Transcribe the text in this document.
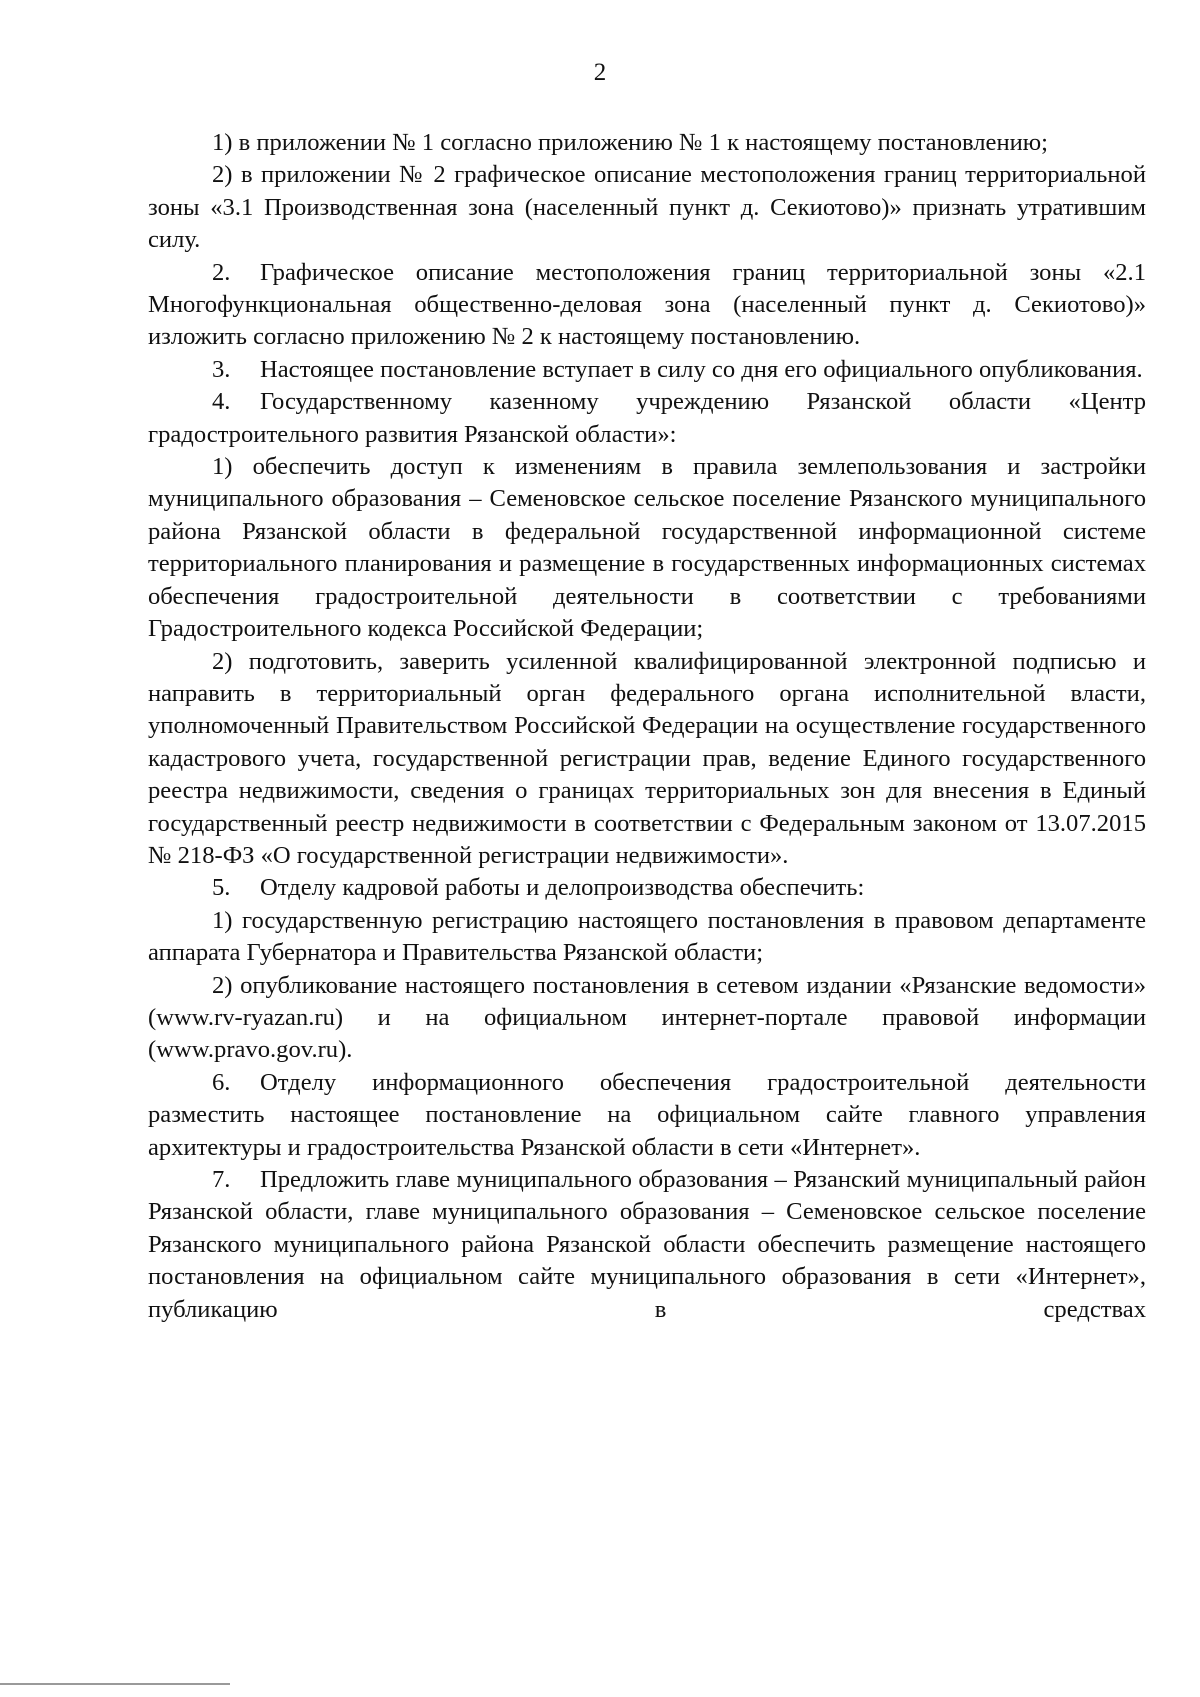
2

1) в приложении № 1 согласно приложению № 1 к настоящему постановлению;

2) в приложении № 2 графическое описание местоположения границ территориальной зоны «3.1 Производственная зона (населенный пункт д. Секиотово)» признать утратившим силу.

2. Графическое описание местоположения границ территориальной зоны «2.1 Многофункциональная общественно-деловая зона (населенный пункт д. Секиотово)» изложить согласно приложению № 2 к настоящему постановлению.

3. Настоящее постановление вступает в силу со дня его официального опубликования.

4. Государственному казенному учреждению Рязанской области «Центр градостроительного развития Рязанской области»:

1) обеспечить доступ к изменениям в правила землепользования и застройки муниципального образования – Семеновское сельское поселение Рязанского муниципального района Рязанской области в федеральной государственной информационной системе территориального планирования и размещение в государственных информационных системах обеспечения градостроительной деятельности в соответствии с требованиями Градостроительного кодекса Российской Федерации;

2) подготовить, заверить усиленной квалифицированной электронной подписью и направить в территориальный орган федерального органа исполнительной власти, уполномоченный Правительством Российской Федерации на осуществление государственного кадастрового учета, государственной регистрации прав, ведение Единого государственного реестра недвижимости, сведения о границах территориальных зон для внесения в Единый государственный реестр недвижимости в соответствии с Федеральным законом от 13.07.2015 № 218-ФЗ «О государственной регистрации недвижимости».

5. Отделу кадровой работы и делопроизводства обеспечить:

1) государственную регистрацию настоящего постановления в правовом департаменте аппарата Губернатора и Правительства Рязанской области;

2) опубликование настоящего постановления в сетевом издании «Рязанские ведомости» (www.rv-ryazan.ru) и на официальном интернет-портале правовой информации (www.pravo.gov.ru).

6. Отделу информационного обеспечения градостроительной деятельности разместить настоящее постановление на официальном сайте главного управления архитектуры и градостроительства Рязанской области в сети «Интернет».

7. Предложить главе муниципального образования – Рязанский муниципальный район Рязанской области, главе муниципального образования – Семеновское сельское поселение Рязанского муниципального района Рязанской области обеспечить размещение настоящего постановления на официальном сайте муниципального образования в сети «Интернет», публикацию в средствах
